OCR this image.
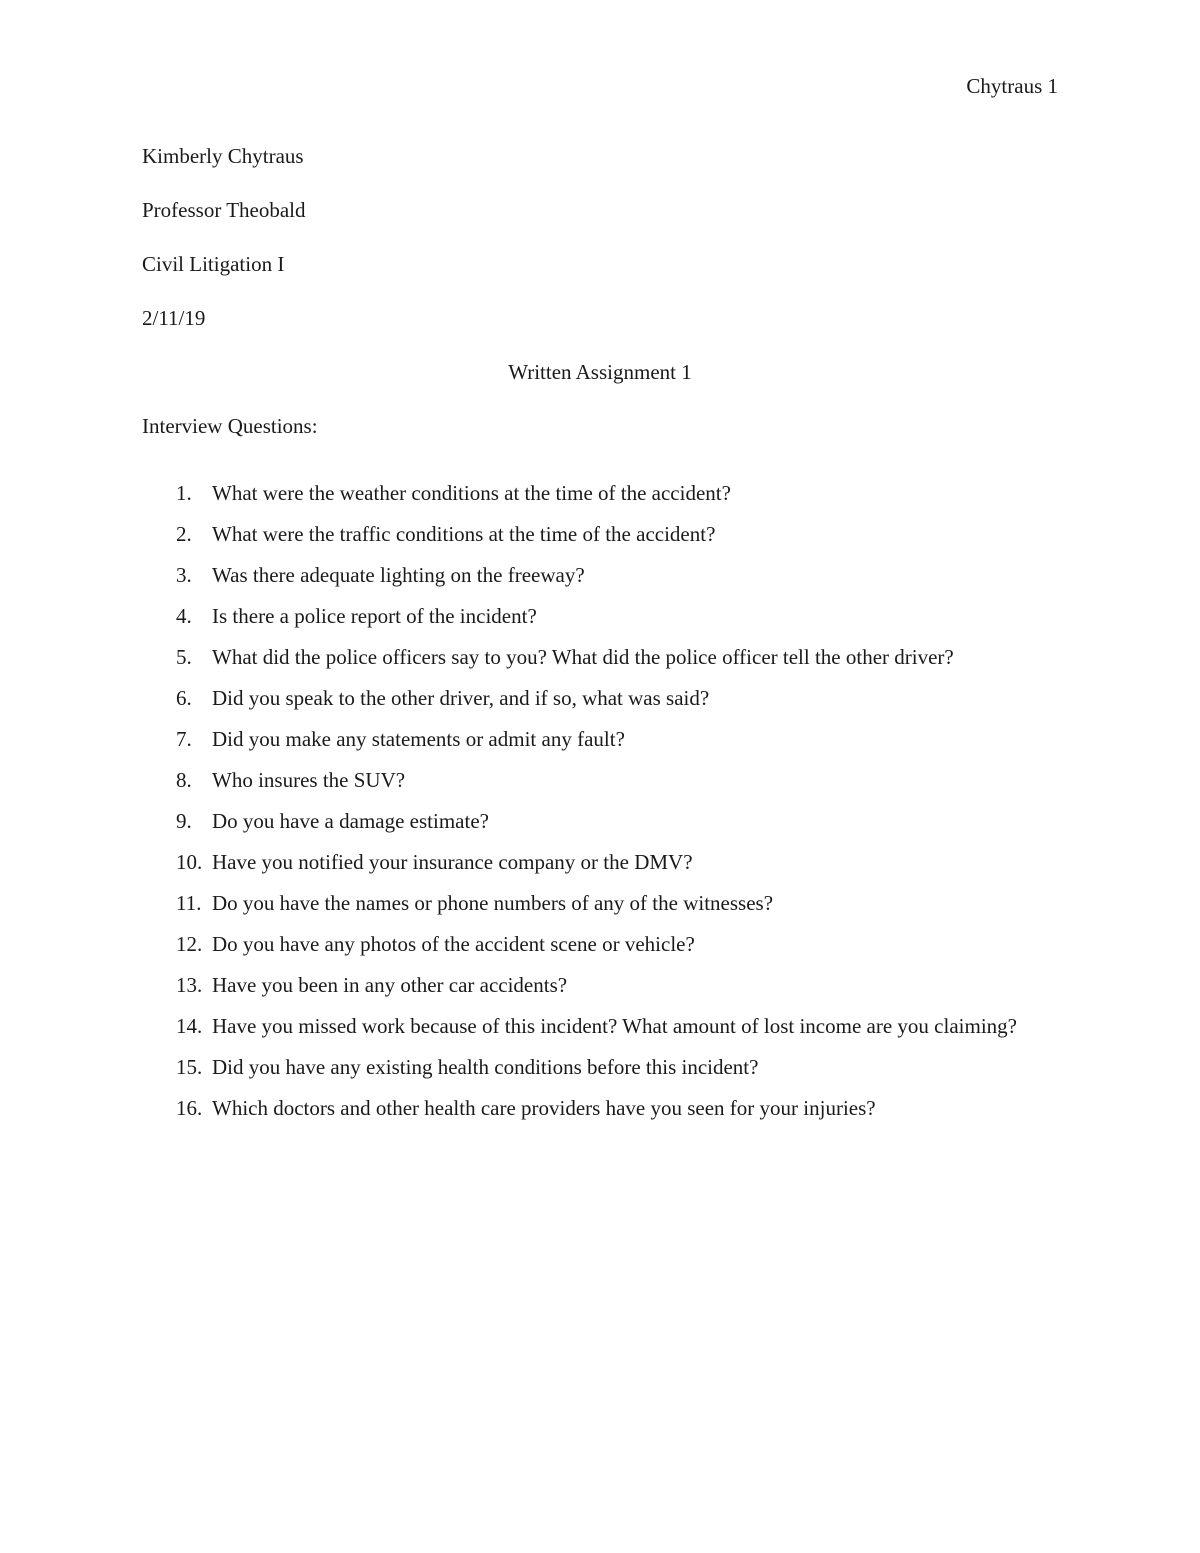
Chytraus 1
Kimberly Chytraus
Professor Theobald
Civil Litigation I
2/11/19
Written Assignment 1
Interview Questions:
1. What were the weather conditions at the time of the accident?
2. What were the traffic conditions at the time of the accident?
3. Was there adequate lighting on the freeway?
4. Is there a police report of the incident?
5. What did the police officers say to you? What did the police officer tell the other driver?
6. Did you speak to the other driver, and if so, what was said?
7. Did you make any statements or admit any fault?
8. Who insures the SUV?
9. Do you have a damage estimate?
10. Have you notified your insurance company or the DMV?
11. Do you have the names or phone numbers of any of the witnesses?
12. Do you have any photos of the accident scene or vehicle?
13. Have you been in any other car accidents?
14. Have you missed work because of this incident? What amount of lost income are you claiming?
15. Did you have any existing health conditions before this incident?
16. Which doctors and other health care providers have you seen for your injuries?
